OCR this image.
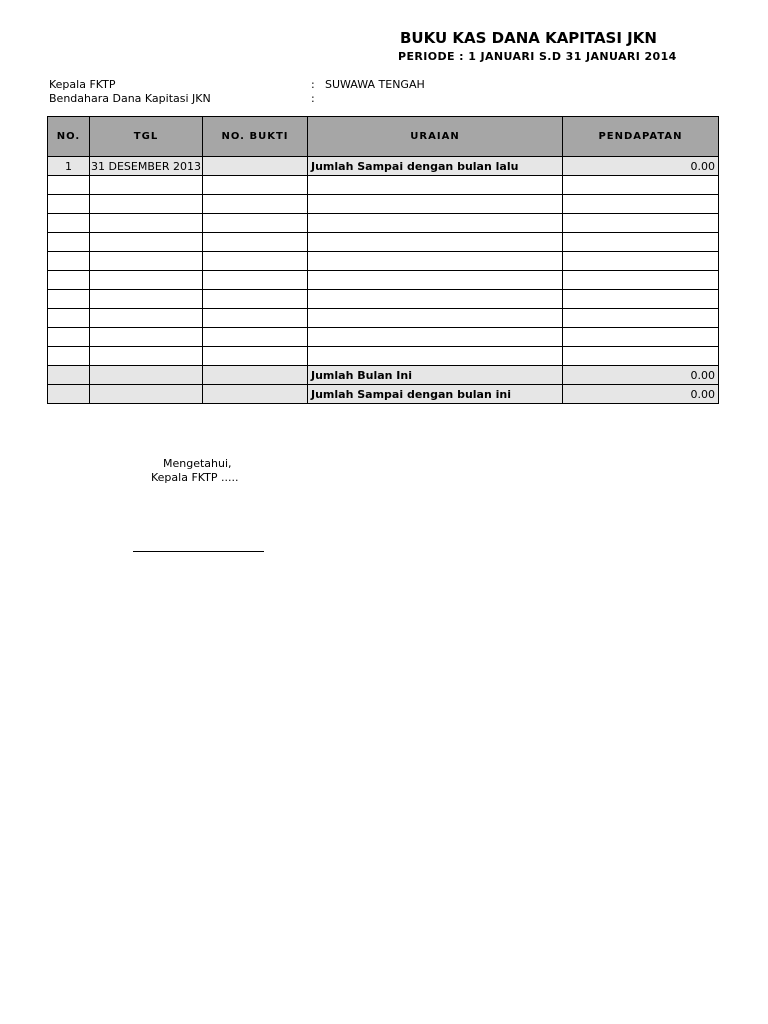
BUKU KAS DANA KAPITASI JKN
PERIODE : 1 JANUARI S.D 31 JANUARI 2014
Kepala FKTP	: SUWAWA TENGAH
Bendahara Dana Kapitasi JKN	:
NO.	TGL	NO. BUKTI	URAIAN	PENDAPATAN
1	31 DESEMBER 2013		Jumlah Sampai dengan bulan lalu	0.00

			Jumlah Bulan Ini	0.00
			Jumlah Sampai dengan bulan ini	0.00
Mengetahui,
Kepala FKTP .....
